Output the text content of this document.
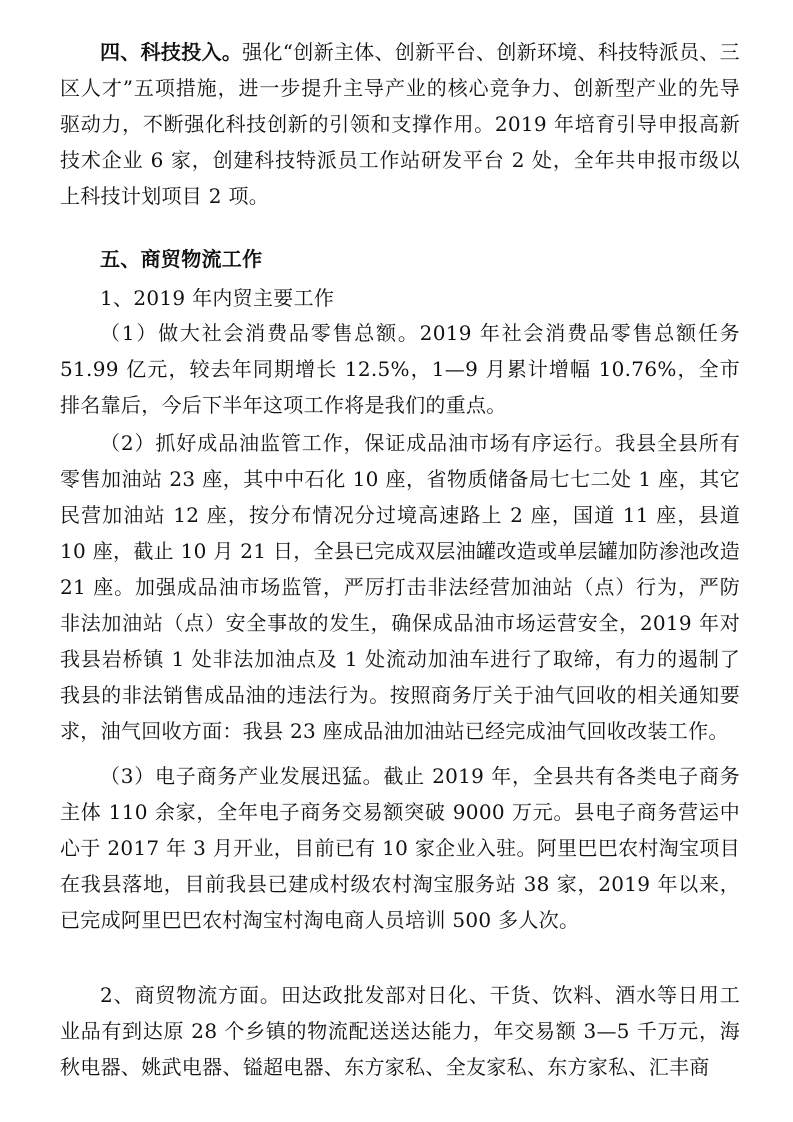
四、科技投入。强化“创新主体、创新平台、创新环境、科技特派员、三区人才”五项措施，进一步提升主导产业的核心竞争力、创新型产业的先导驱动力，不断强化科技创新的引领和支撑作用。2019 年培育引导申报高新技术企业 6 家，创建科技特派员工作站研发平台 2 处，全年共申报市级以上科技计划项目 2 项。

五、商贸物流工作

1、2019 年内贸主要工作

（1）做大社会消费品零售总额。2019 年社会消费品零售总额任务 51.99 亿元，较去年同期增长 12.5%，1—9 月累计增幅 10.76%，全市排名靠后，今后下半年这项工作将是我们的重点。

（2）抓好成品油监管工作，保证成品油市场有序运行。我县全县所有零售加油站 23 座，其中中石化 10 座，省物质储备局七七二处 1 座，其它民营加油站 12 座，按分布情况分过境高速路上 2 座，国道 11 座，县道 10 座，截止 10 月 21 日，全县已完成双层油罐改造或单层罐加防渗池改造 21 座。加强成品油市场监管，严厉打击非法经营加油站（点）行为，严防非法加油站（点）安全事故的发生，确保成品油市场运营安全，2019 年对我县岩桥镇 1 处非法加油点及 1 处流动加油车进行了取缔，有力的遏制了我县的非法销售成品油的违法行为。按照商务厅关于油气回收的相关通知要求，油气回收方面：我县 23 座成品油加油站已经完成油气回收改装工作。

（3）电子商务产业发展迅猛。截止 2019 年，全县共有各类电子商务主体 110 余家，全年电子商务交易额突破 9000 万元。县电子商务营运中心于 2017 年 3 月开业，目前已有 10 家企业入驻。阿里巴巴农村淘宝项目在我县落地，目前我县已建成村级农村淘宝服务站 38 家，2019 年以来，已完成阿里巴巴农村淘宝村淘电商人员培训 500 多人次。

2、商贸物流方面。田达政批发部对日化、干货、饮料、酒水等日用工业品有到达原 28 个乡镇的物流配送送达能力，年交易额 3—5 千万元，海秋电器、姚武电器、镒超电器、东方家私、全友家私、东方家私、汇丰商
